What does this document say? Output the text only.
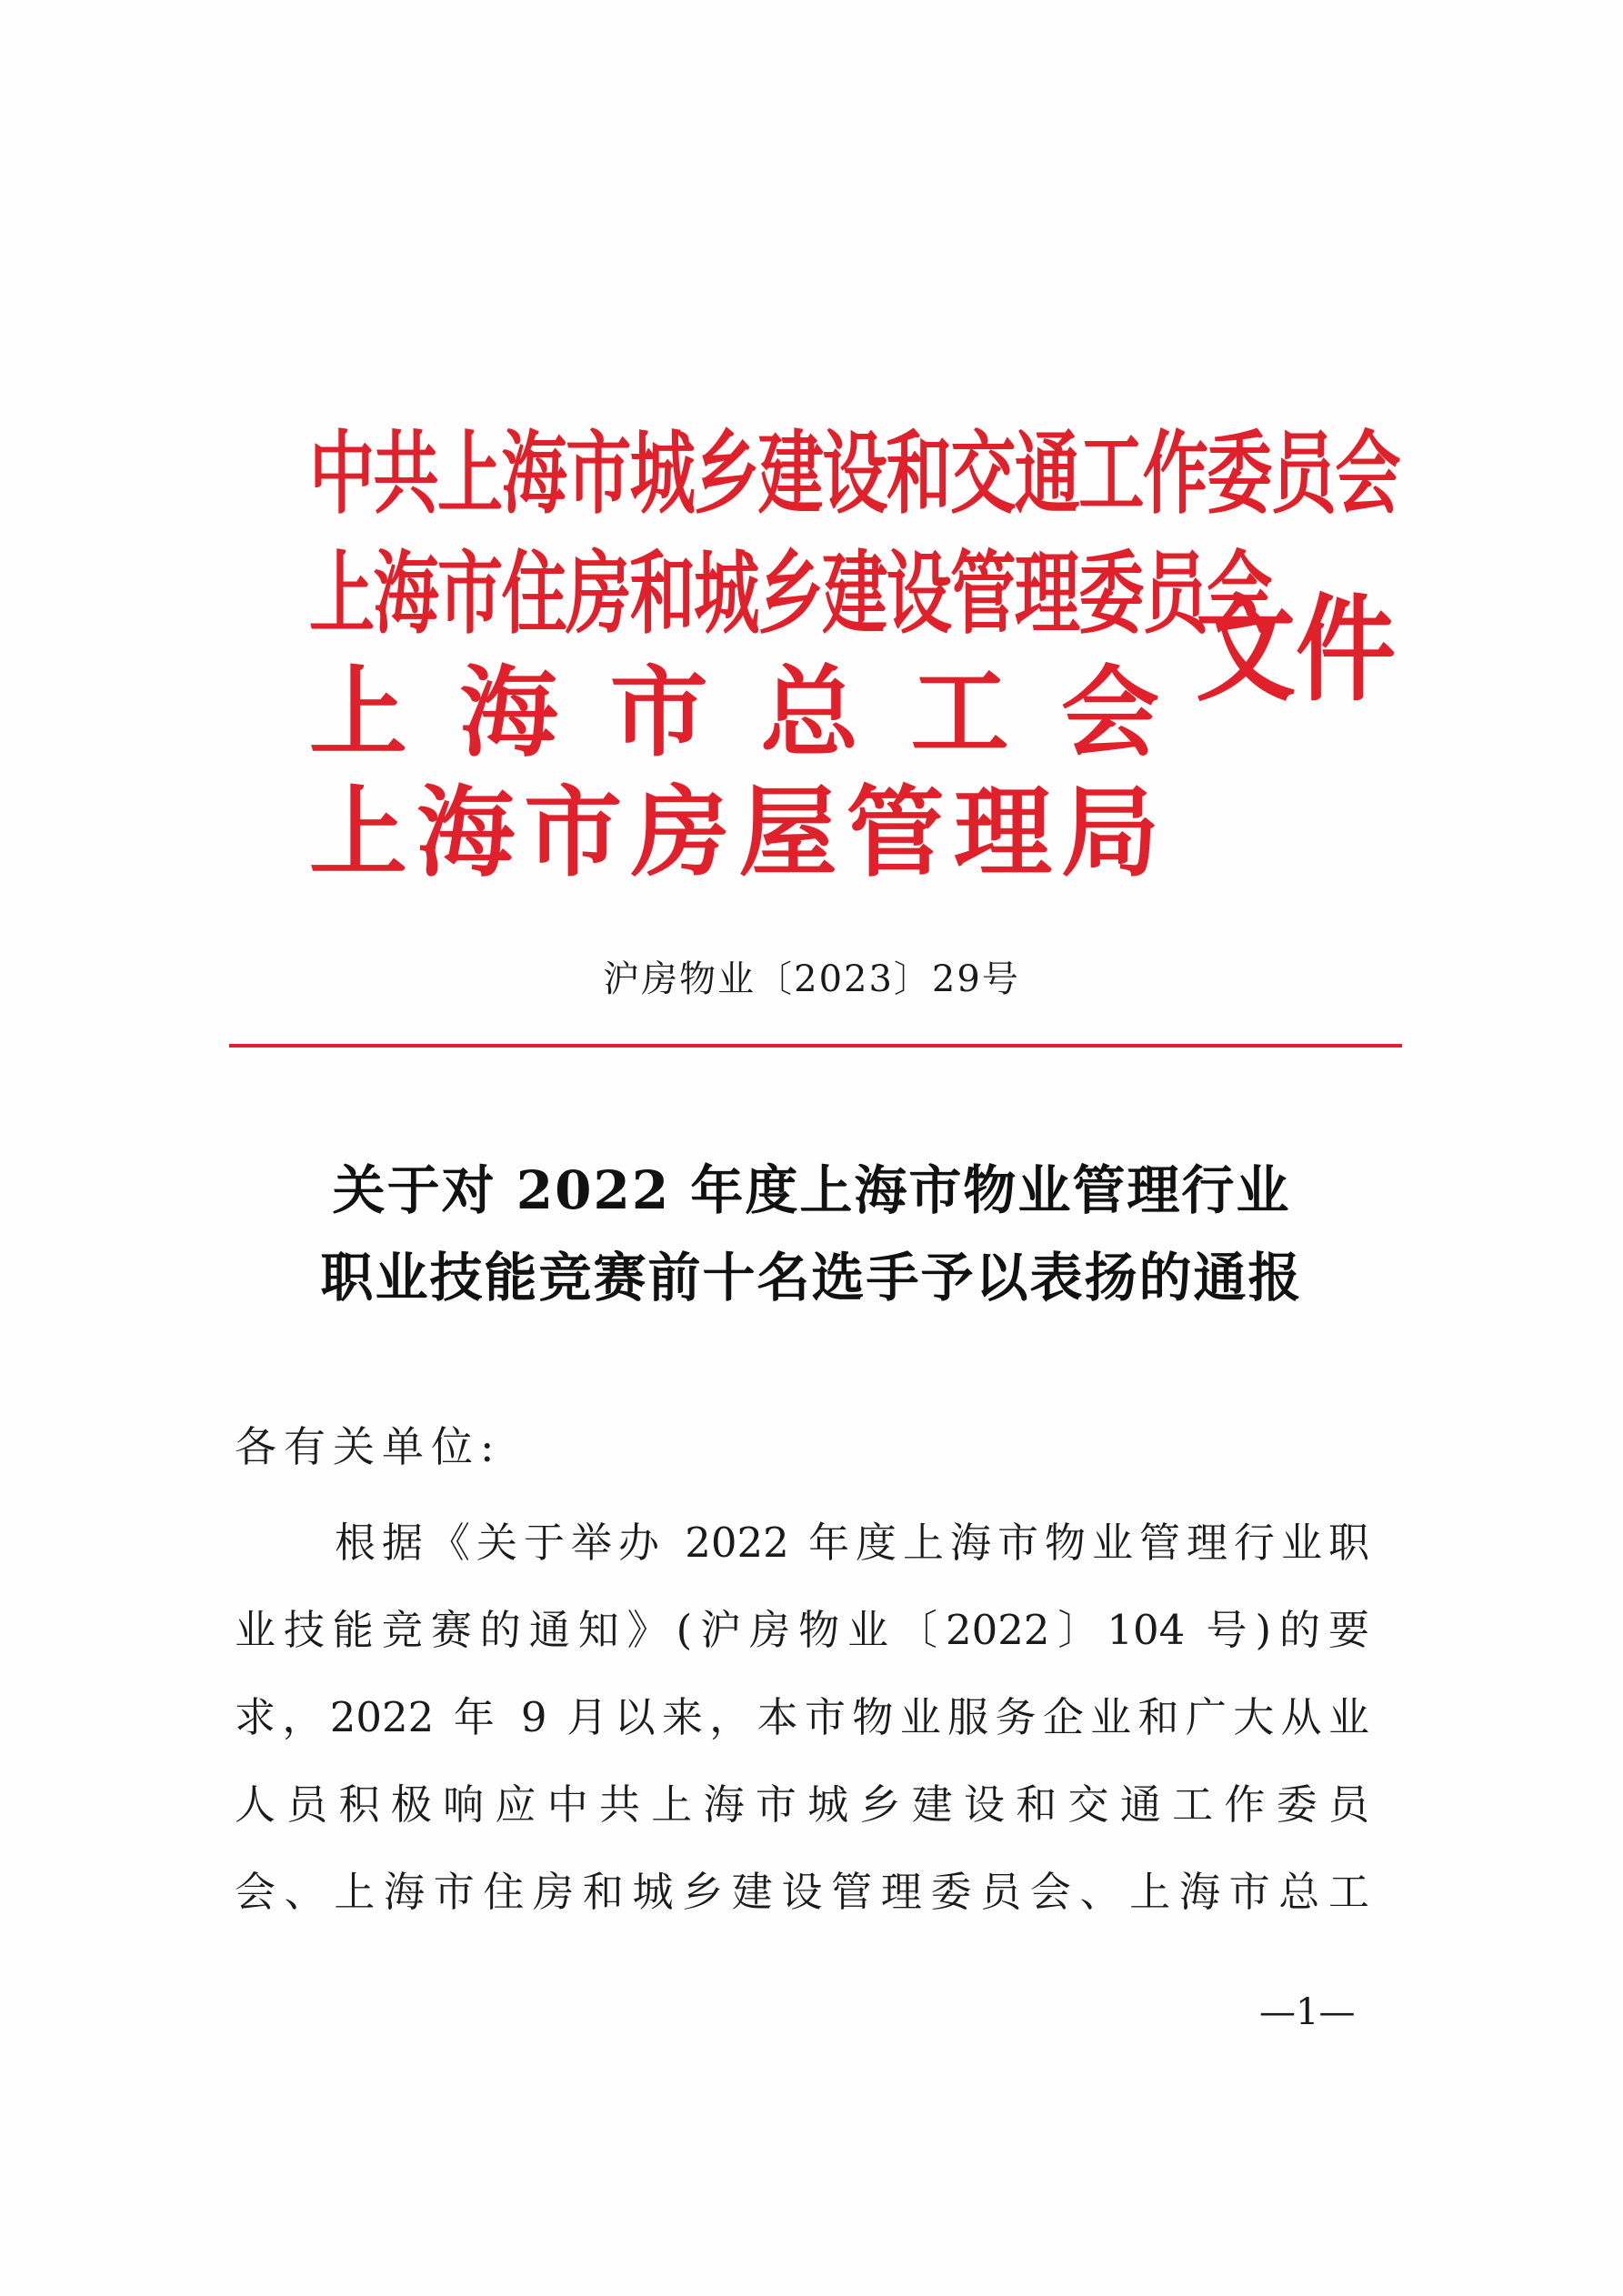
中共上海市城乡建设和交通工作委员会
上海市住房和城乡建设管理委员会
上 海 市 总 工 会
上 海 市 房 屋 管 理 局
文件
沪房物业〔2023〕29号
关于对 2022 年度上海市物业管理行业
职业技能竞赛前十名选手予以表扬的通报
各有关单位:
根据《关于举办 2022 年度上海市物业管理行业职
业技能竞赛的通知》(沪房物业〔2022〕104 号)的要
求，2022 年 9 月以来，本市物业服务企业和广大从业
人员积极响应中共上海市城乡建设和交通工作委员
会、上海市住房和城乡建设管理委员会、上海市总工
—1—
